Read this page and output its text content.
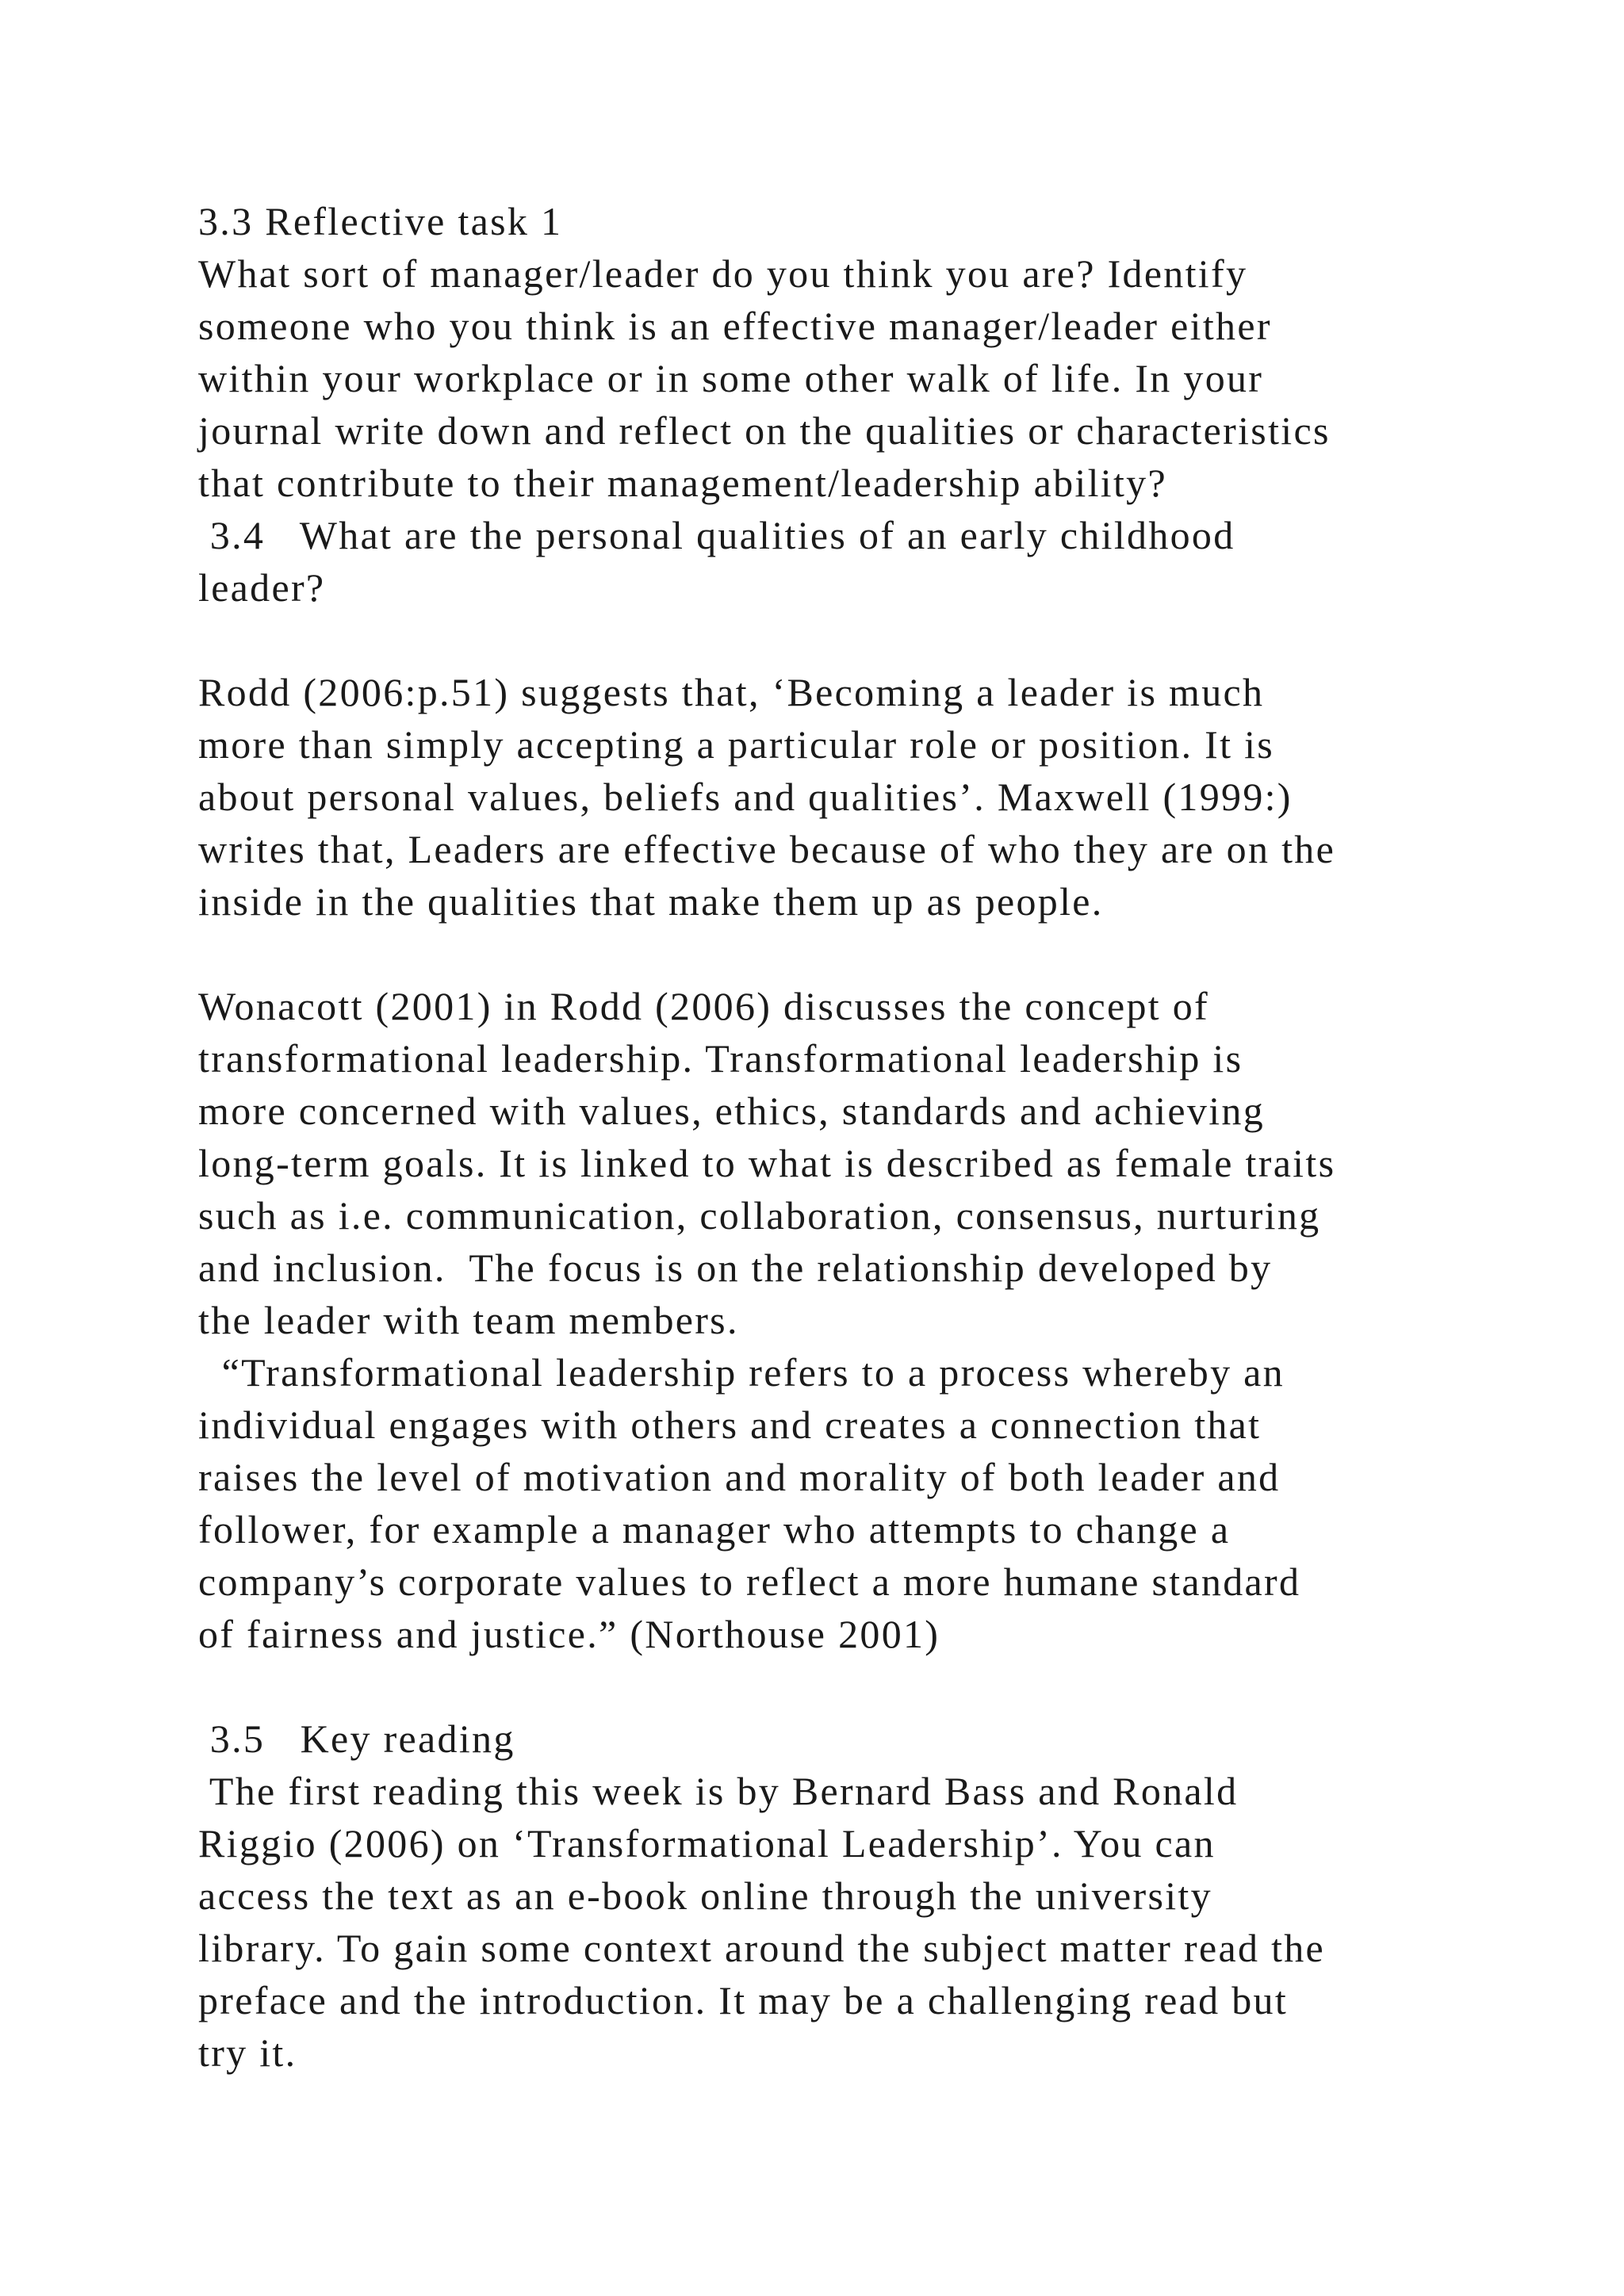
3.3 Reflective task 1
What sort of manager/leader do you think you are? Identify
someone who you think is an effective manager/leader either
within your workplace or in some other walk of life. In your
journal write down and reflect on the qualities or characteristics
that contribute to their management/leadership ability?
3.4   What are the personal qualities of an early childhood
leader?
Rodd (2006:p.51) suggests that, ‘Becoming a leader is much
more than simply accepting a particular role or position. It is
about personal values, beliefs and qualities’. Maxwell (1999:)
writes that, Leaders are effective because of who they are on the
inside in the qualities that make them up as people.
Wonacott (2001) in Rodd (2006) discusses the concept of
transformational leadership. Transformational leadership is
more concerned with values, ethics, standards and achieving
long-term goals. It is linked to what is described as female traits
such as i.e. communication, collaboration, consensus, nurturing
and inclusion.  The focus is on the relationship developed by
the leader with team members.
“Transformational leadership refers to a process whereby an
individual engages with others and creates a connection that
raises the level of motivation and morality of both leader and
follower, for example a manager who attempts to change a
company’s corporate values to reflect a more humane standard
of fairness and justice.” (Northouse 2001)
3.5   Key reading
The first reading this week is by Bernard Bass and Ronald
Riggio (2006) on ‘Transformational Leadership’. You can
access the text as an e-book online through the university
library. To gain some context around the subject matter read the
preface and the introduction. It may be a challenging read but
try it.
